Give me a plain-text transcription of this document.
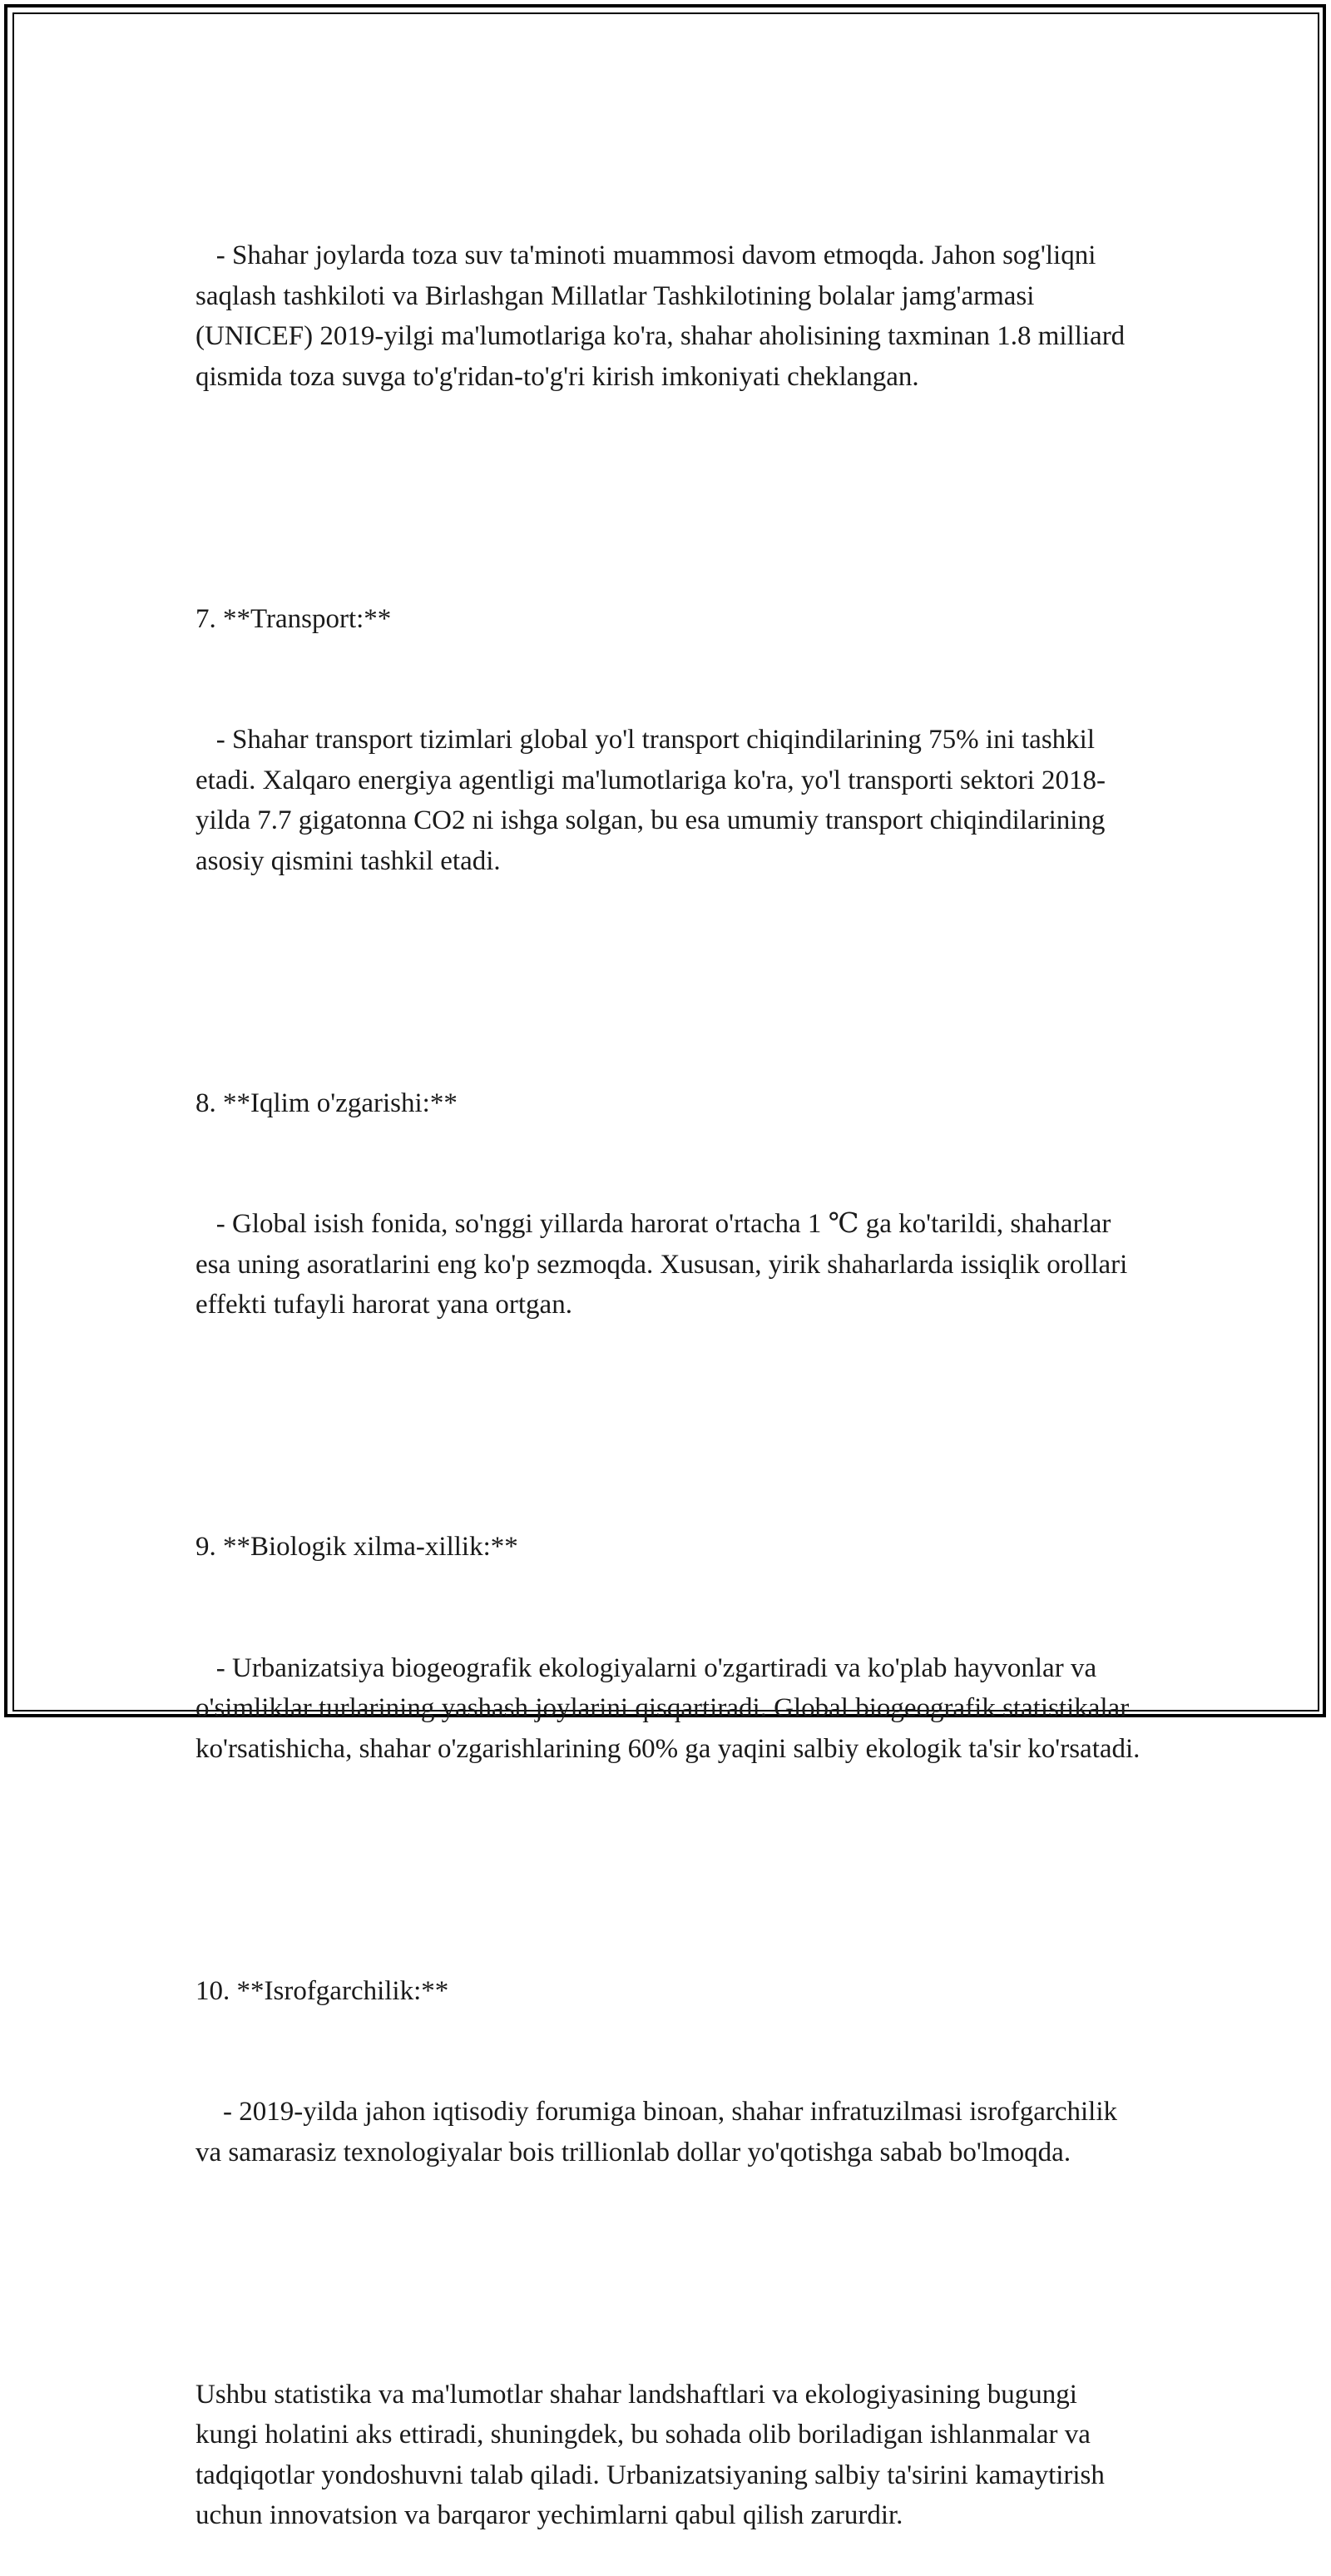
- Shahar joylarda toza suv ta'minoti muammosi davom etmoqda. Jahon sog'liqni saqlash tashkiloti va Birlashgan Millatlar Tashkilotining bolalar jamg'armasi (UNICEF) 2019-yilgi ma'lumotlariga ko'ra, shahar aholisining taxminan 1.8 milliard qismida toza suvga to'g'ridan-to'g'ri kirish imkoniyati cheklangan.

7. **Transport:**

- Shahar transport tizimlari global yo'l transport chiqindilarining 75% ini tashkil etadi. Xalqaro energiya agentligi ma'lumotlariga ko'ra, yo'l transporti sektori 2018-yilda 7.7 gigatonna CO2 ni ishga solgan, bu esa umumiy transport chiqindilarining asosiy qismini tashkil etadi.

8. **Iqlim o'zgarishi:**

- Global isish fonida, so'nggi yillarda harorat o'rtacha 1 ℃ ga ko'tarildi, shaharlar esa uning asoratlarini eng ko'p sezmoqda. Xususan, yirik shaharlarda issiqlik orollari effekti tufayli harorat yana ortgan.

9. **Biologik xilma-xillik:**

- Urbanizatsiya biogeografik ekologiyalarni o'zgartiradi va ko'plab hayvonlar va o'simliklar turlarining yashash joylarini qisqartiradi. Global biogeografik statistikalar ko'rsatishicha, shahar o'zgarishlarining 60% ga yaqini salbiy ekologik ta'sir ko'rsatadi.

10. **Isrofgarchilik:**

- 2019-yilda jahon iqtisodiy forumiga binoan, shahar infratuzilmasi isrofgarchilik va samarasiz texnologiyalar bois trillionlab dollar yo'qotishga sabab bo'lmoqda.

Ushbu statistika va ma'lumotlar shahar landshaftlari va ekologiyasining bugungi kungi holatini aks ettiradi, shuningdek, bu sohada olib boriladigan ishlanmalar va tadqiqotlar yondoshuvni talab qiladi. Urbanizatsiyaning salbiy ta'sirini kamaytirish uchun innovatsion va barqaror yechimlarni qabul qilish zarurdir.
